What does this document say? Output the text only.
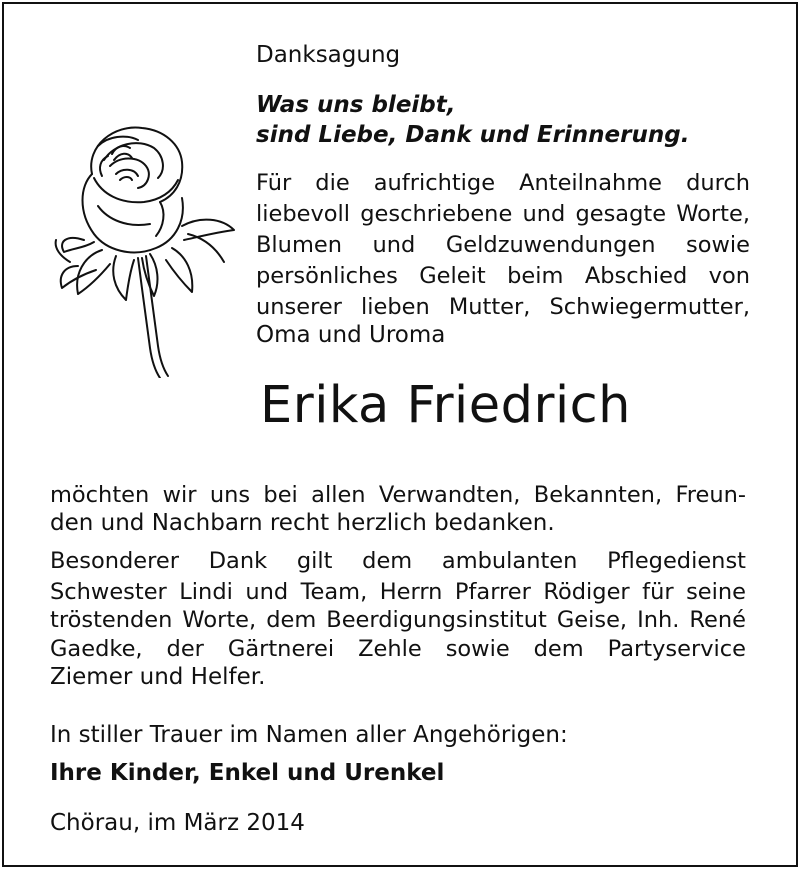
Danksagung

Was uns bleibt,

sind Liebe, Dank und Erinnerung.

Für die aufrichtige Anteilnahme durch

liebevoll geschriebene und gesagte Worte,

Blumen und Geldzuwendungen sowie

persönliches Geleit beim Abschied von

unserer lieben Mutter, Schwiegermutter,

Oma und Uroma

Erika Friedrich

möchten wir uns bei allen Verwandten, Bekannten, Freun-

den und Nachbarn recht herzlich bedanken.

Besonderer Dank gilt dem ambulanten Pflegedienst

Schwester Lindi und Team, Herrn Pfarrer Rödiger für seine

tröstenden Worte, dem Beerdigungsinstitut Geise, Inh. René

Gaedke, der Gärtnerei Zehle sowie dem Partyservice

Ziemer und Helfer.

In stiller Trauer im Namen aller Angehörigen:

Ihre Kinder, Enkel und Urenkel

Chörau, im März 2014
